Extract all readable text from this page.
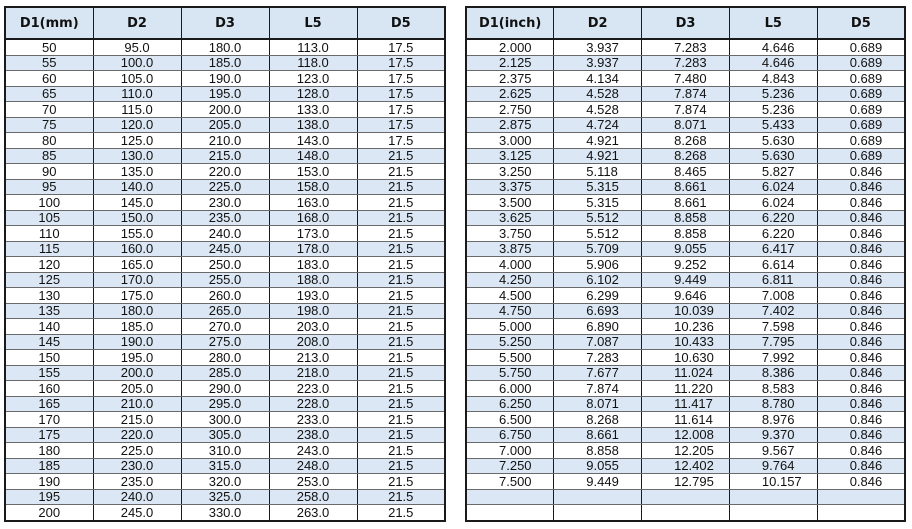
D1(mm)	D2	D3	L5	D5
50	95.0	180.0	113.0	17.5
55	100.0	185.0	118.0	17.5
60	105.0	190.0	123.0	17.5
65	110.0	195.0	128.0	17.5
70	115.0	200.0	133.0	17.5
75	120.0	205.0	138.0	17.5
80	125.0	210.0	143.0	17.5
85	130.0	215.0	148.0	21.5
90	135.0	220.0	153.0	21.5
95	140.0	225.0	158.0	21.5
100	145.0	230.0	163.0	21.5
105	150.0	235.0	168.0	21.5
110	155.0	240.0	173.0	21.5
115	160.0	245.0	178.0	21.5
120	165.0	250.0	183.0	21.5
125	170.0	255.0	188.0	21.5
130	175.0	260.0	193.0	21.5
135	180.0	265.0	198.0	21.5
140	185.0	270.0	203.0	21.5
145	190.0	275.0	208.0	21.5
150	195.0	280.0	213.0	21.5
155	200.0	285.0	218.0	21.5
160	205.0	290.0	223.0	21.5
165	210.0	295.0	228.0	21.5
170	215.0	300.0	233.0	21.5
175	220.0	305.0	238.0	21.5
180	225.0	310.0	243.0	21.5
185	230.0	315.0	248.0	21.5
190	235.0	320.0	253.0	21.5
195	240.0	325.0	258.0	21.5
200	245.0	330.0	263.0	21.5
D1(inch)	D2	D3	L5	D5
2.000	3.937	7.283	4.646	0.689
2.125	3.937	7.283	4.646	0.689
2.375	4.134	7.480	4.843	0.689
2.625	4.528	7.874	5.236	0.689
2.750	4.528	7.874	5.236	0.689
2.875	4.724	8.071	5.433	0.689
3.000	4.921	8.268	5.630	0.689
3.125	4.921	8.268	5.630	0.689
3.250	5.118	8.465	5.827	0.846
3.375	5.315	8.661	6.024	0.846
3.500	5.315	8.661	6.024	0.846
3.625	5.512	8.858	6.220	0.846
3.750	5.512	8.858	6.220	0.846
3.875	5.709	9.055	6.417	0.846
4.000	5.906	9.252	6.614	0.846
4.250	6.102	9.449	6.811	0.846
4.500	6.299	9.646	7.008	0.846
4.750	6.693	10.039	7.402	0.846
5.000	6.890	10.236	7.598	0.846
5.250	7.087	10.433	7.795	0.846
5.500	7.283	10.630	7.992	0.846
5.750	7.677	11.024	8.386	0.846
6.000	7.874	11.220	8.583	0.846
6.250	8.071	11.417	8.780	0.846
6.500	8.268	11.614	8.976	0.846
6.750	8.661	12.008	9.370	0.846
7.000	8.858	12.205	9.567	0.846
7.250	9.055	12.402	9.764	0.846
7.500	9.449	12.795	10.157	0.846
